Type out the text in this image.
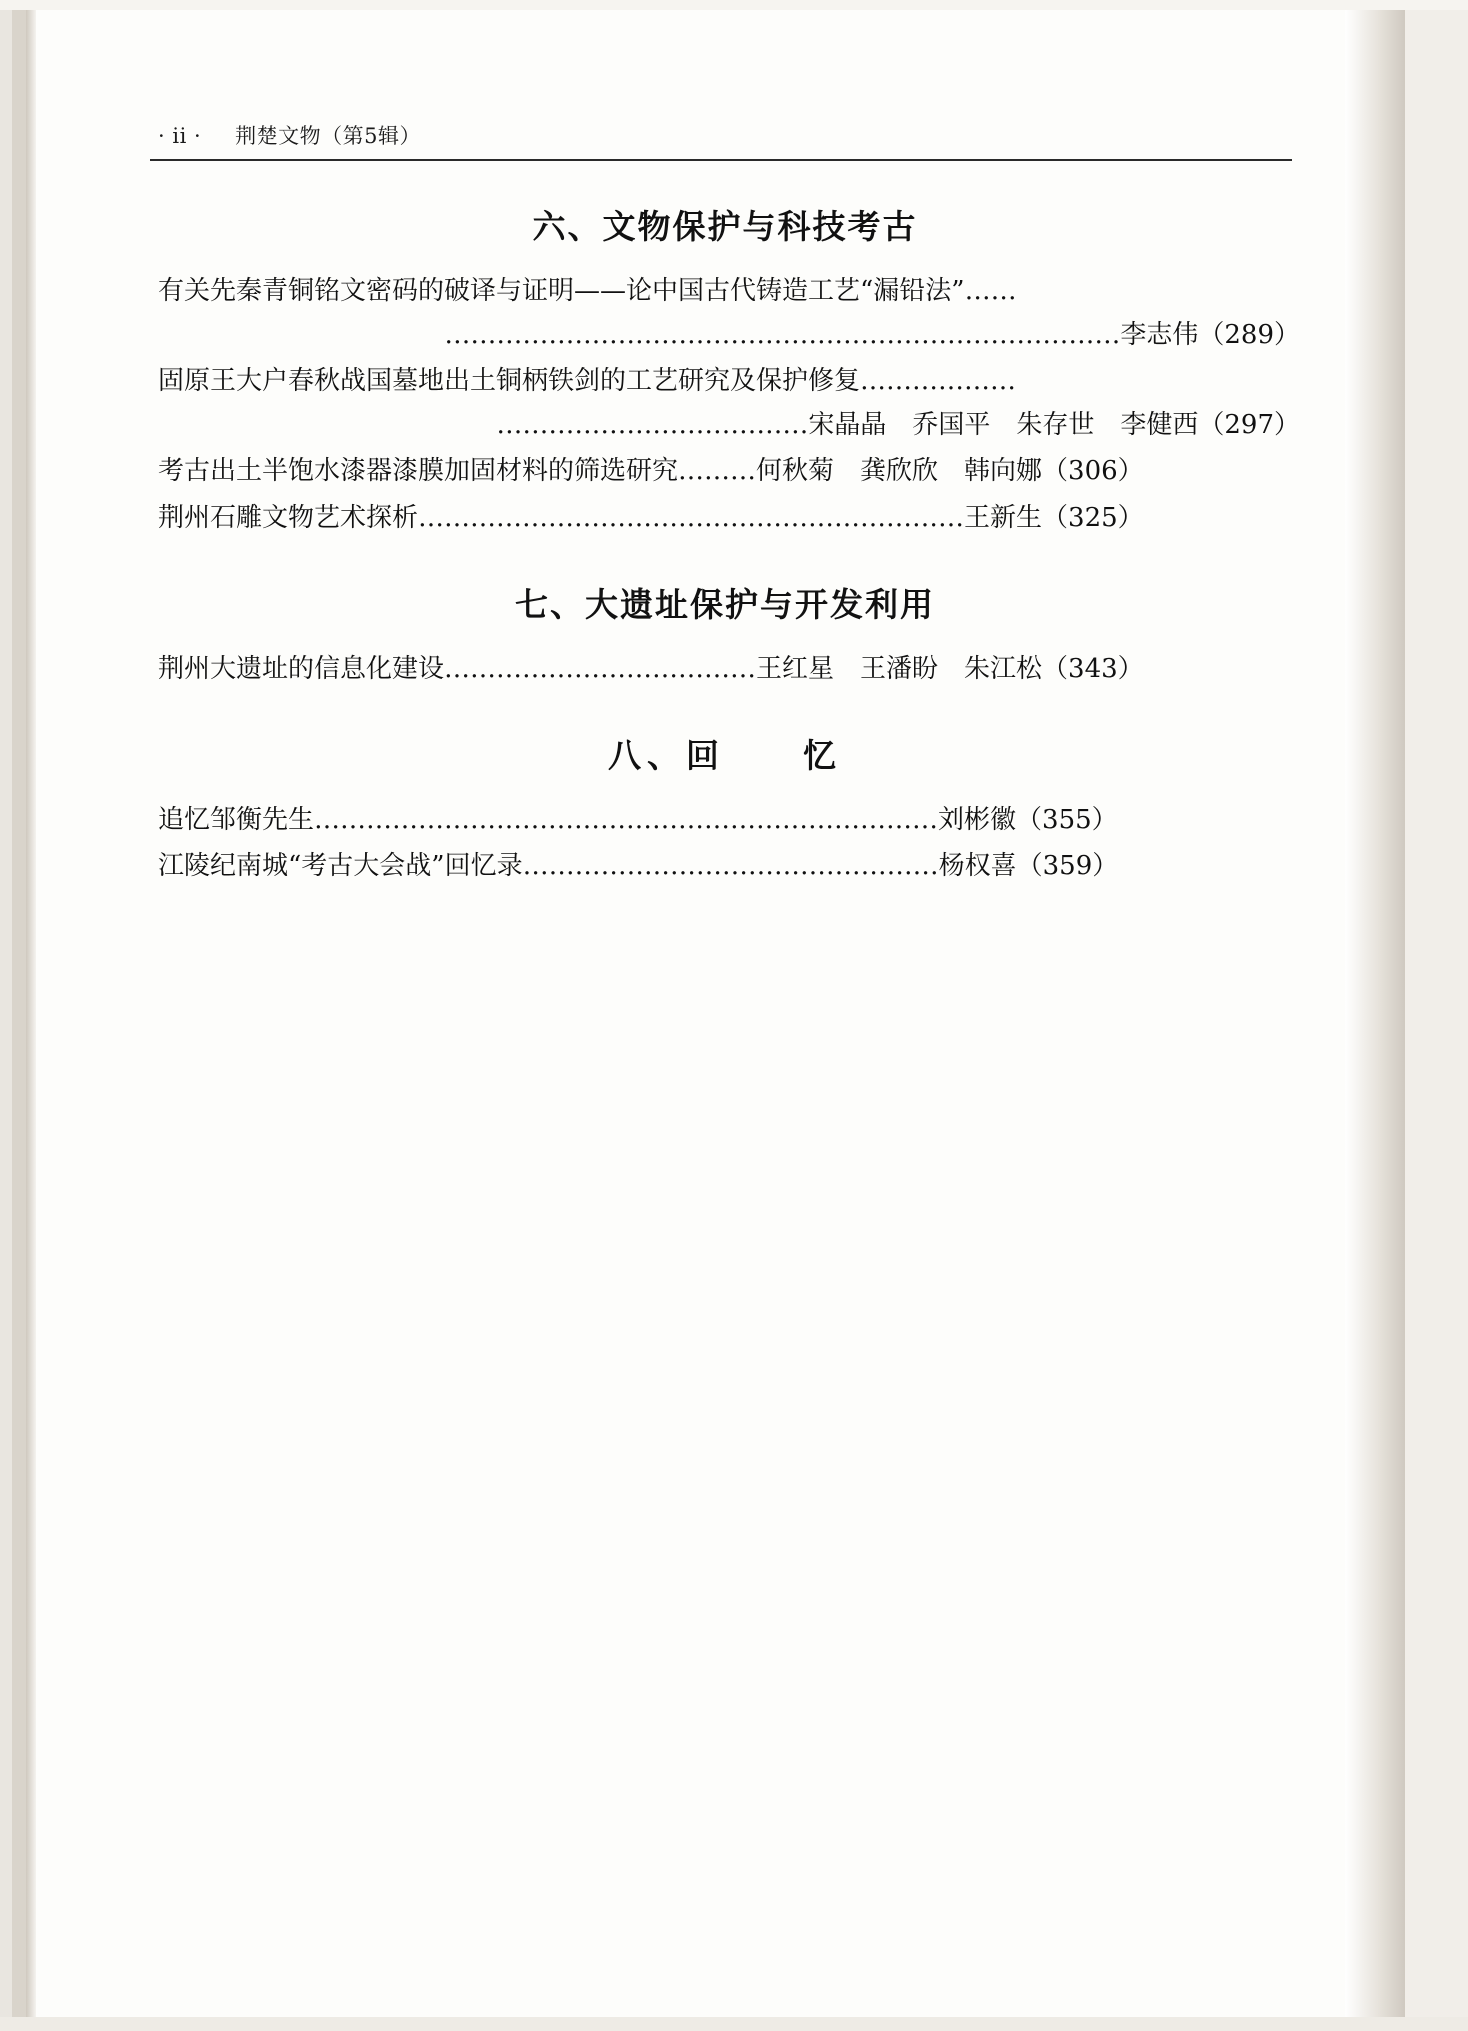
· ii · 荆楚文物（第5辑）
六、文物保护与科技考古
有关先秦青铜铭文密码的破译与证明——论中国古代铸造工艺“漏铅法”……
……………………………………………………………………李志伟（289）
固原王大户春秋战国墓地出土铜柄铁剑的工艺研究及保护修复………………
………………………………宋晶晶　乔国平　朱存世　李健西（297）
考古出土半饱水漆器漆膜加固材料的筛选研究………何秋菊　龚欣欣　韩向娜（306）
荆州石雕文物艺术探析………………………………………………………王新生（325）
七、大遗址保护与开发利用
荆州大遗址的信息化建设………………………………王红星　王潘盼　朱江松（343）
八、回　　忆
追忆邹衡先生………………………………………………………………刘彬徽（355）
江陵纪南城“考古大会战”回忆录…………………………………………杨权喜（359）
